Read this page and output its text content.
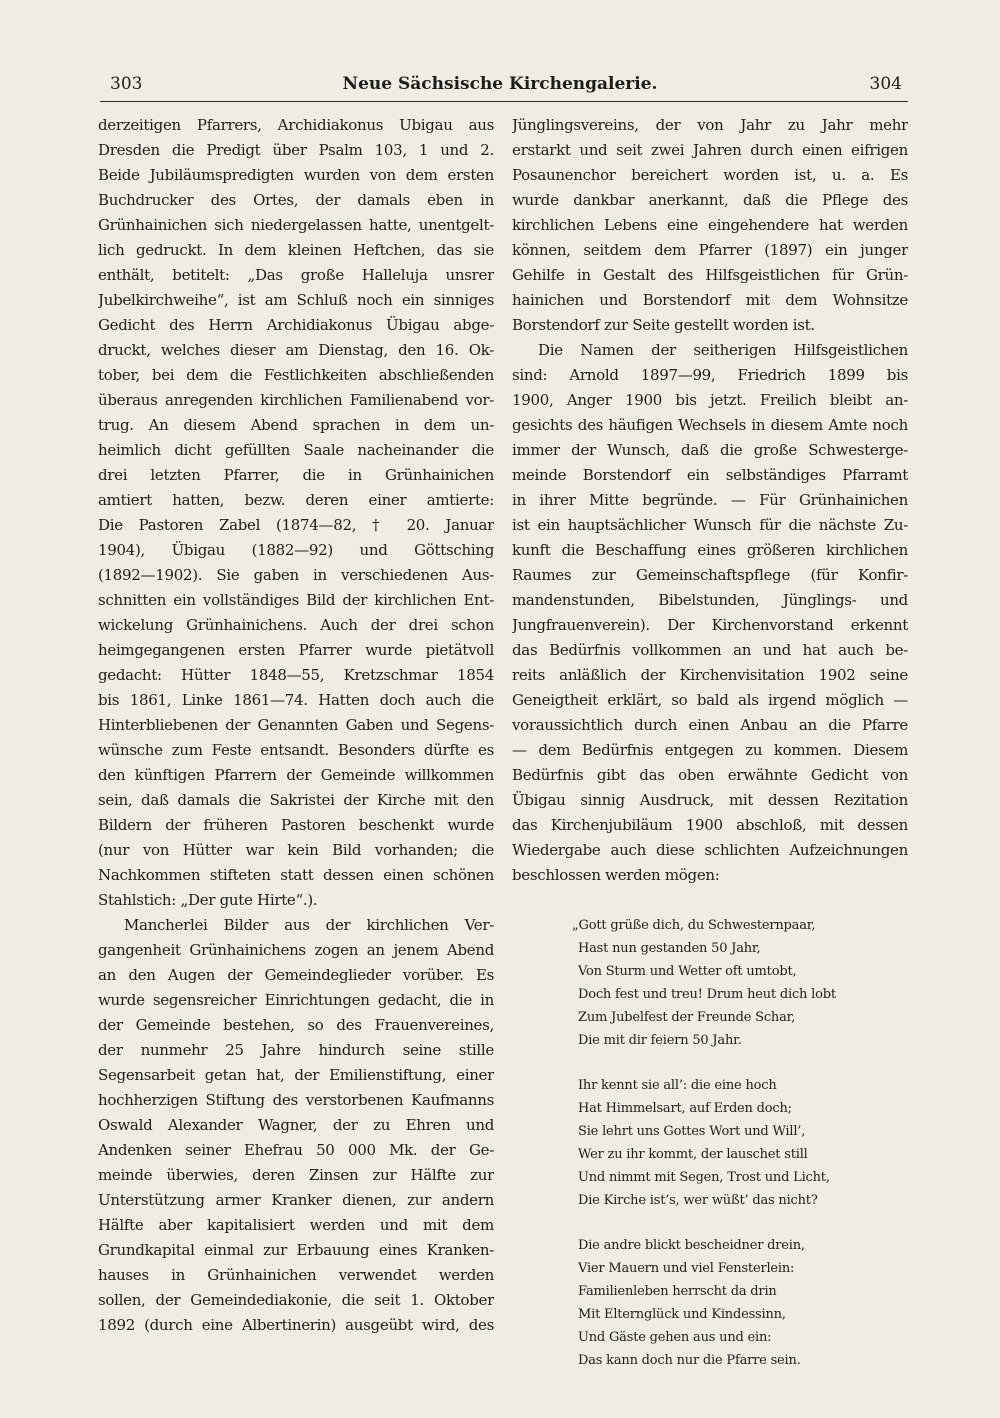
303	Neue Sächsische Kirchengalerie.	304
derzeitigen Pfarrers, Archidiakonus Ubigau aus
Dresden die Predigt über Psalm 103, 1 und 2.
Beide Jubiläumspredigten wurden von dem ersten
Buchdrucker des Ortes, der damals eben in
Grünhainichen sich niedergelassen hatte, unentgelt-
lich gedruckt. In dem kleinen Heftchen, das sie
enthält, betitelt: „Das große Halleluja unsrer
Jubelkirchweihe“, ist am Schluß noch ein sinniges
Gedicht des Herrn Archidiakonus Übigau abge-
druckt, welches dieser am Dienstag, den 16. Ok-
tober, bei dem die Festlichkeiten abschließenden
überaus anregenden kirchlichen Familienabend vor-
trug. An diesem Abend sprachen in dem un-
heimlich dicht gefüllten Saale nacheinander die
drei letzten Pfarrer, die in Grünhainichen
amtiert hatten, bezw. deren einer amtierte:
Die Pastoren Zabel (1874—82, † 20. Januar
1904), Übigau (1882—92) und Göttsching
(1892—1902). Sie gaben in verschiedenen Aus-
schnitten ein vollständiges Bild der kirchlichen Ent-
wickelung Grünhainichens. Auch der drei schon
heimgegangenen ersten Pfarrer wurde pietätvoll
gedacht: Hütter 1848—55, Kretzschmar 1854
bis 1861, Linke 1861—74. Hatten doch auch die
Hinterbliebenen der Genannten Gaben und Segens-
wünsche zum Feste entsandt. Besonders dürfte es
den künftigen Pfarrern der Gemeinde willkommen
sein, daß damals die Sakristei der Kirche mit den
Bildern der früheren Pastoren beschenkt wurde
(nur von Hütter war kein Bild vorhanden; die
Nachkommen stifteten statt dessen einen schönen
Stahlstich: „Der gute Hirte“.).
Mancherlei Bilder aus der kirchlichen Ver-
gangenheit Grünhainichens zogen an jenem Abend
an den Augen der Gemeindeglieder vorüber. Es
wurde segensreicher Einrichtungen gedacht, die in
der Gemeinde bestehen, so des Frauenvereines,
der nunmehr 25 Jahre hindurch seine stille
Segensarbeit getan hat, der Emilienstiftung, einer
hochherzigen Stiftung des verstorbenen Kaufmanns
Oswald Alexander Wagner, der zu Ehren und
Andenken seiner Ehefrau 50 000 Mk. der Ge-
meinde überwies, deren Zinsen zur Hälfte zur
Unterstützung armer Kranker dienen, zur andern
Hälfte aber kapitalisiert werden und mit dem
Grundkapital einmal zur Erbauung eines Kranken-
hauses in Grünhainichen verwendet werden
sollen, der Gemeindediakonie, die seit 1. Oktober
1892 (durch eine Albertinerin) ausgeübt wird, des
Jünglingsvereins, der von Jahr zu Jahr mehr
erstarkt und seit zwei Jahren durch einen eifrigen
Posaunenchor bereichert worden ist, u. a. Es
wurde dankbar anerkannt, daß die Pflege des
kirchlichen Lebens eine eingehendere hat werden
können, seitdem dem Pfarrer (1897) ein junger
Gehilfe in Gestalt des Hilfsgeistlichen für Grün-
hainichen und Borstendorf mit dem Wohnsitze
Borstendorf zur Seite gestellt worden ist.
Die Namen der seitherigen Hilfsgeistlichen
sind: Arnold 1897—99, Friedrich 1899 bis
1900, Anger 1900 bis jetzt. Freilich bleibt an-
gesichts des häufigen Wechsels in diesem Amte noch
immer der Wunsch, daß die große Schwesterge-
meinde Borstendorf ein selbständiges Pfarramt
in ihrer Mitte begründe. — Für Grünhainichen
ist ein hauptsächlicher Wunsch für die nächste Zu-
kunft die Beschaffung eines größeren kirchlichen
Raumes zur Gemeinschaftspflege (für Konfir-
mandenstunden, Bibelstunden, Jünglings- und
Jungfrauenverein). Der Kirchenvorstand erkennt
das Bedürfnis vollkommen an und hat auch be-
reits anläßlich der Kirchenvisitation 1902 seine
Geneigtheit erklärt, so bald als irgend möglich —
voraussichtlich durch einen Anbau an die Pfarre
— dem Bedürfnis entgegen zu kommen. Diesem
Bedürfnis gibt das oben erwähnte Gedicht von
Übigau sinnig Ausdruck, mit dessen Rezitation
das Kirchenjubiläum 1900 abschloß, mit dessen
Wiedergabe auch diese schlichten Aufzeichnungen
beschlossen werden mögen:
„Gott grüße dich, du Schwesternpaar,
Hast nun gestanden 50 Jahr,
Von Sturm und Wetter oft umtobt,
Doch fest und treu! Drum heut dich lobt
Zum Jubelfest der Freunde Schar,
Die mit dir feiern 50 Jahr.
Ihr kennt sie all’: die eine hoch
Hat Himmelsart, auf Erden doch;
Sie lehrt uns Gottes Wort und Will’,
Wer zu ihr kommt, der lauschet still
Und nimmt mit Segen, Trost und Licht,
Die Kirche ist’s, wer wüßt’ das nicht?
Die andre blickt bescheidner drein,
Vier Mauern und viel Fensterlein:
Familienleben herrscht da drin
Mit Elternglück und Kindessinn,
Und Gäste gehen aus und ein:
Das kann doch nur die Pfarre sein.
